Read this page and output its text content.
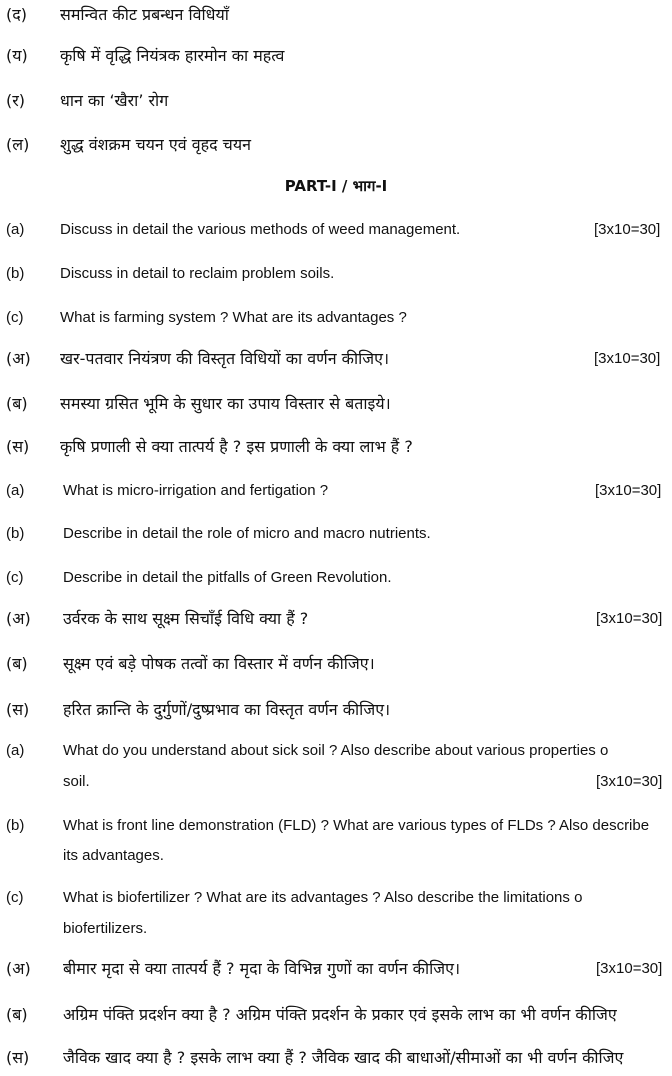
(द) समन्वित कीट प्रबन्धन विधियाँ
(य) कृषि में वृद्धि नियंत्रक हारमोन का महत्व
(र) धान का ‘खैरा’ रोग
(ल) शुद्ध वंशक्रम चयन एवं वृहद चयन
PART-I / भाग-I
(a) Discuss in detail the various methods of weed management.	[3x10=30]
(b) Discuss in detail to reclaim problem soils.
(c) What is farming system ? What are its advantages ?
(अ) खर-पतवार नियंत्रण की विस्तृत विधियों का वर्णन कीजिए।	[3x10=30]
(ब) समस्या ग्रसित भूमि के सुधार का उपाय विस्तार से बताइये।
(स) कृषि प्रणाली से क्या तात्पर्य है ? इस प्रणाली के क्या लाभ हैं ?
(a)	What is micro-irrigation and fertigation ?	[3x10=30]
(b)	Describe in detail the role of micro and macro nutrients.
(c)	Describe in detail the pitfalls of Green Revolution.
(अ) उर्वरक के साथ सूक्ष्म सिचाँई विधि क्या हैं ?	[3x10=30]
(ब) सूक्ष्म एवं बड़े पोषक तत्वों का विस्तार में वर्णन कीजिए।
(स) हरित क्रान्ति के दुर्गुणों/दुष्प्रभाव का विस्तृत वर्णन कीजिए।
(a)	What do you understand about sick soil ? Also describe about various properties o
soil.	[3x10=30]
(b)	What is front line demonstration (FLD) ? What are various types of FLDs ? Also describe
its advantages.
(c)	What is biofertilizer ? What are its advantages ? Also describe the limitations o
biofertilizers.
(अ) बीमार मृदा से क्या तात्पर्य हैं ? मृदा के विभिन्न गुणों का वर्णन कीजिए।	[3x10=30]
(ब) अग्रिम पंक्ति प्रदर्शन क्या है ? अग्रिम पंक्ति प्रदर्शन के प्रकार एवं इसके लाभ का भी वर्णन कीजिए
(स) जैविक खाद क्या है ? इसके लाभ क्या हैं ? जैविक खाद की बाधाओं/सीमाओं का भी वर्णन कीजिए
